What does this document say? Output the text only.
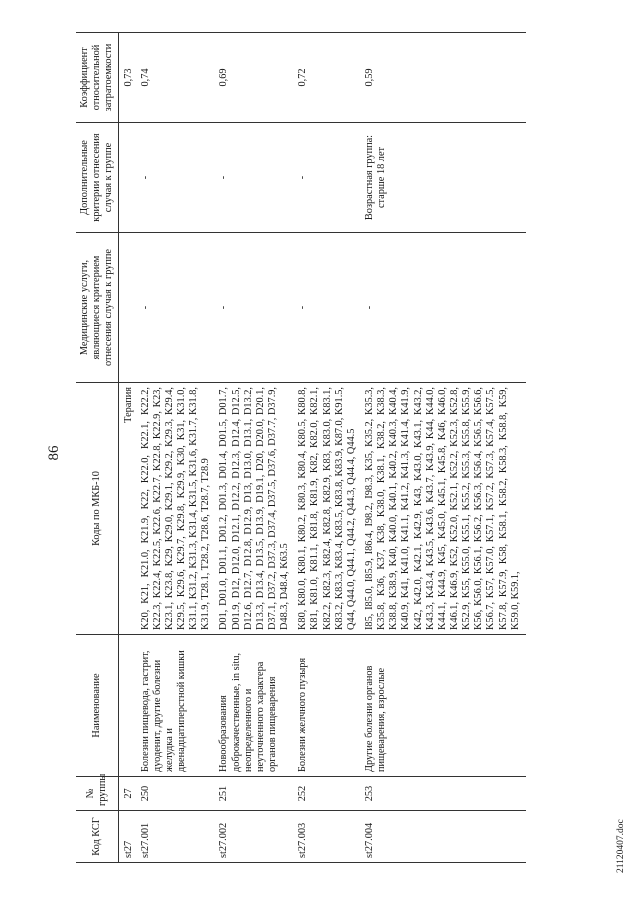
86
Код КСГ	№ группы	Наименование	Коды по МКБ-10	Медицинские услуги, являющиеся критерием отнесения случая к группе	Дополнительные критерии отнесения случая к группе	Коэффициент относительной затратоемкости
st27	27		Терапия			0,73
st27.001	250	Болезни пищевода, гастрит, дуоденит, другие болезни желудка и двенадцатиперстной кишки	K20, K21, K21.0, K21.9, K22, K22.0, K22.1, K22.2, K22.3, K22.4, K22.5, K22.6, K22.7, K22.8, K22.9, K23, K23.1, K23.8, K29, K29.0, K29.1, K29.2, K29.3, K29.4, K29.5, K29.6, K29.7, K29.8, K29.9, K30, K31, K31.0, K31.1, K31.2, K31.3, K31.4, K31.5, K31.6, K31.7, K31.8, K31.9, T28.1, T28.2, T28.6, T28.7, T28.9	-	-	0,74
st27.002	251	Новообразования доброкачественные, in situ, неопределенного и неуточненного характера органов пищеварения	D01, D01.0, D01.1, D01.2, D01.3, D01.4, D01.5, D01.7, D01.9, D12, D12.0, D12.1, D12.2, D12.3, D12.4, D12.5, D12.6, D12.7, D12.8, D12.9, D13, D13.0, D13.1, D13.2, D13.3, D13.4, D13.5, D13.9, D19.1, D20, D20.0, D20.1, D37.1, D37.2, D37.3, D37.4, D37.5, D37.6, D37.7, D37.9, D48.3, D48.4, K63.5	-	-	0,69
st27.003	252	Болезни желчного пузыря	K80, K80.0, K80.1, K80.2, K80.3, K80.4, K80.5, K80.8, K81, K81.0, K81.1, K81.8, K81.9, K82, K82.0, K82.1, K82.2, K82.3, K82.4, K82.8, K82.9, K83, K83.0, K83.1, K83.2, K83.3, K83.4, K83.5, K83.8, K83.9, K87.0, K91.5, Q44, Q44.0, Q44.1, Q44.2, Q44.3, Q44.4, Q44.5	-	-	0,72
st27.004	253	Другие болезни органов пищеварения, взрослые	I85, I85.0, I85.9, I86.4, I98.2, I98.3, K35, K35.2, K35.3, K35.8, K36, K37, K38, K38.0, K38.1, K38.2, K38.3, K38.8, K38.9, K40, K40.0, K40.1, K40.2, K40.3, K40.4, K40.9, K41, K41.0, K41.1, K41.2, K41.3, K41.4, K41.9, K42, K42.0, K42.1, K42.9, K43, K43.0, K43.1, K43.2, K43.3, K43.4, K43.5, K43.6, K43.7, K43.9, K44, K44.0, K44.1, K44.9, K45, K45.0, K45.1, K45.8, K46, K46.0, K46.1, K46.9, K52, K52.0, K52.1, K52.2, K52.3, K52.8, K52.9, K55, K55.0, K55.1, K55.2, K55.3, K55.8, K55.9, K56, K56.0, K56.1, K56.2, K56.3, K56.4, K56.5, K56.6, K56.7, K57, K57.0, K57.1, K57.2, K57.3, K57.4, K57.5, K57.8, K57.9, K58, K58.1, K58.2, K58.3, K58.8, K59, K59.0, K59.1,	-	Возрастная группа: старше 18 лет	0,59
21120407.doc
